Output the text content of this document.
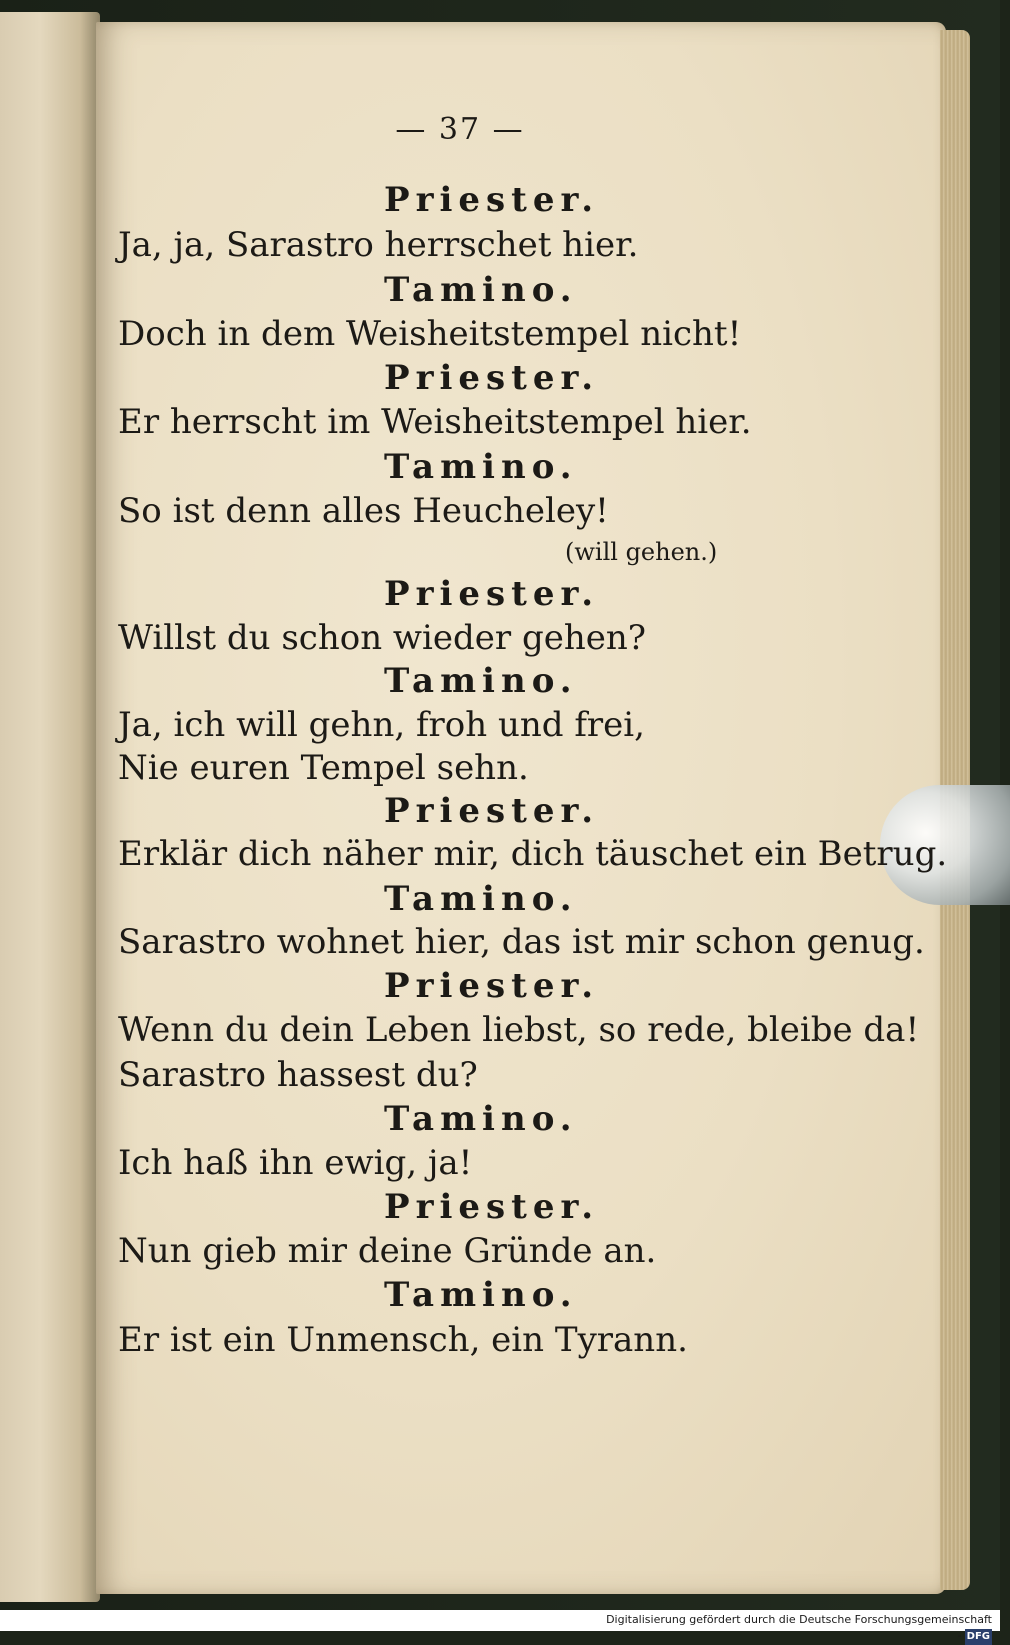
— 37 —
Priester.
Ja, ja, Sarastro herrschet hier.
Tamino.
Doch in dem Weisheitstempel nicht!
Priester.
Er herrscht im Weisheitstempel hier.
Tamino.
So ist denn alles Heucheley!
(will gehen.)
Priester.
Willst du schon wieder gehen?
Tamino.
Ja, ich will gehn, froh und frei,
Nie euren Tempel sehn.
Priester.
Erklär dich näher mir, dich täuschet ein Betrug.
Tamino.
Sarastro wohnet hier, das ist mir schon genug.
Priester.
Wenn du dein Leben liebst, so rede, bleibe da!
Sarastro hassest du?
Tamino.
Ich haß ihn ewig, ja!
Priester.
Nun gieb mir deine Gründe an.
Tamino.
Er ist ein Unmensch, ein Tyrann.
Digitalisierung gefördert durch die Deutsche Forschungsgemeinschaft - DFG
